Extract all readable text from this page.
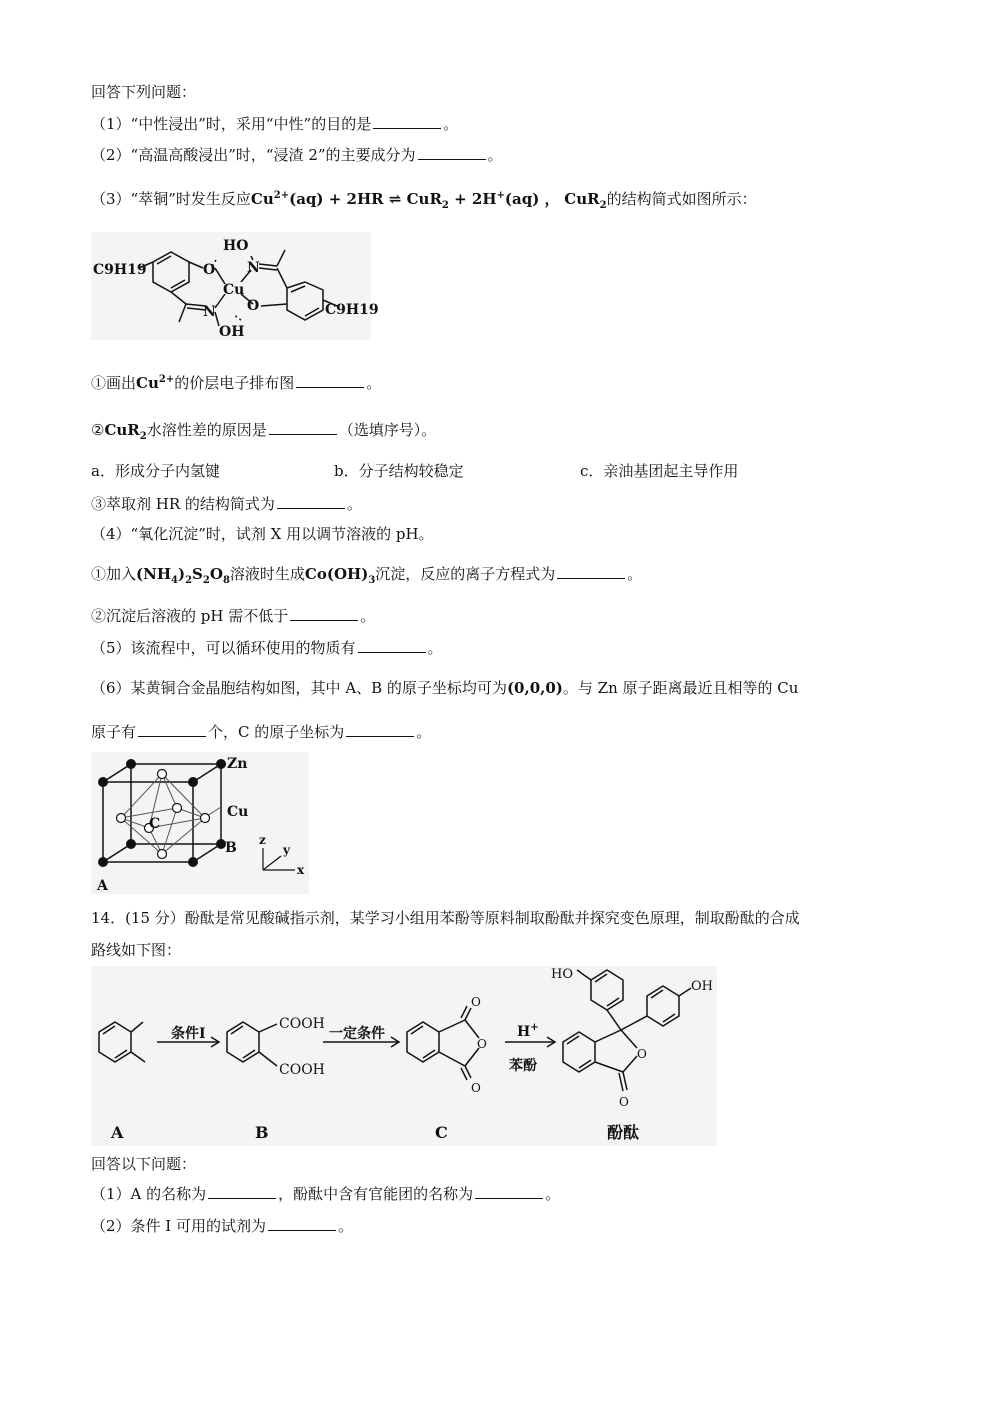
回答下列问题：
（1）“中性浸出”时，采用“中性”的目的是	。
（2）“高温高酸浸出”时，“浸渣 2”的主要成分为	。
（3）“萃铜”时发生反应$Cu^{2+}(aq) + 2HR$ ⇌ CuR$_2$ + 2H+(aq) ， CuR$_2$的结构简式如图所示：
C9H19	O
HO
N
Cu
O
N
OH
C9H19
①画出$Cu^{2+}$的价层电子排布图	。
②CuR$_2$水溶性差的原因是	（选填序号）。
a．形成分子内氢键	b．分子结构较稳定	c．亲油基团起主导作用
③萃取剂 HR 的结构简式为	。
（4）“氧化沉淀”时，试剂 X 用以调节溶液的 pH。
①加入$(NH_4)_2S_2O_8$溶液时生成$Co(OH)_3$沉淀，反应的离子方程式为	。
②沉淀后溶液的 pH 需不低于	。
（5）该流程中，可以循环使用的物质有	。
（6）某黄铜合金晶胞结构如图，其中 A、B 的原子坐标均可为(0,0,0)。与 Zn 原子距离最近且相等的 Cu
原子有	个，C 的原子坐标为	。
Zn
Cu
B
C
A
z
y
x
14．(15 分）酚酞是常见酸碱指示剂，某学习小组用苯酚等原料制取酚酞并探究变色原理，制取酚酞的合成
路线如下图：
条件I
COOH
COOH
一定条件
O
O
O
H+
苯酚
HO
OH
O
O
A	B	C	酚酞
回答以下问题：
（1）A 的名称为	，酚酞中含有官能团的名称为	。
（2）条件 I 可用的试剂为	。
